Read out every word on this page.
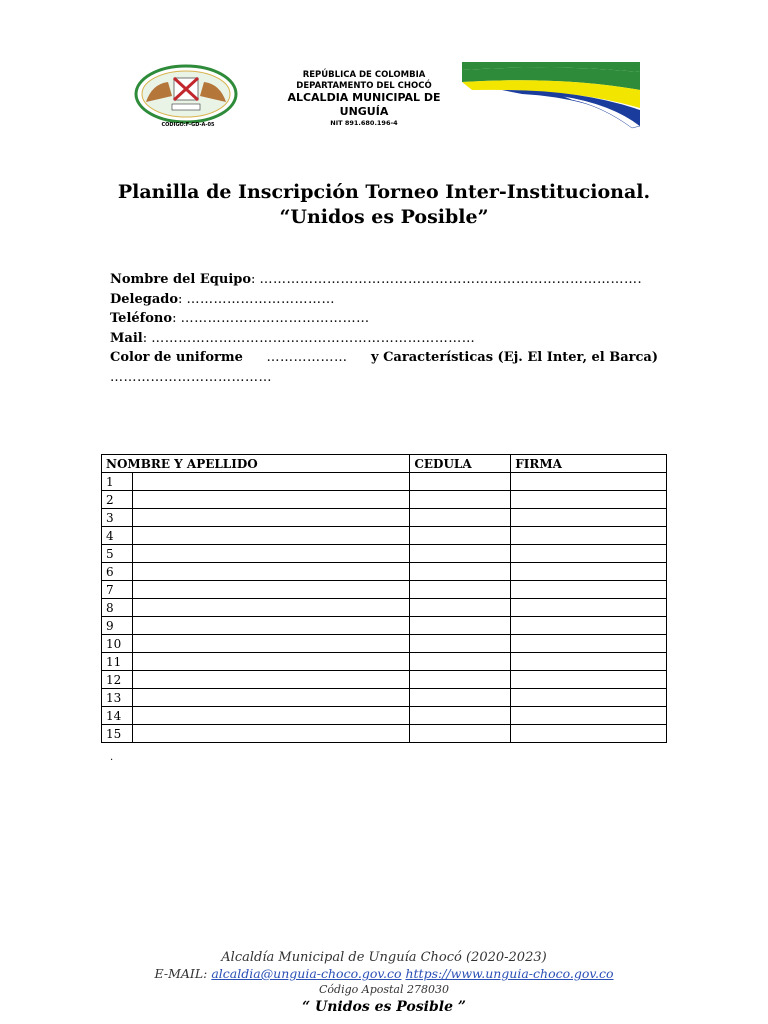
CODIGO:F-GD-A-05
REPÚBLICA DE COLOMBIA
DEPARTAMENTO DEL CHOCÓ
ALCALDIA MUNICIPAL DE UNGUÍA
NIT 891.680.196-4
Planilla de Inscripción Torneo Inter-Institucional.
“Unidos es Posible”
Nombre del Equipo: ………………………………………………………………………….
Delegado: ……………………………
Teléfono: ……………………………………
Mail: ………………………………………………………………
Color de uniforme ……………… y Características (Ej. El Inter, el Barca)
………………………………
NOMBRE Y APELLIDO		CEDULA	FIRMA
1			
2			
3			
4			
5			
6			
7			
8			
9			
10			
11			
12			
13			
14			
15			
.
Alcaldía Municipal de Unguía Chocó (2020-2023)
E-MAIL: alcaldia@unguia-choco.gov.co https://www.unguia-choco.gov.co
Código Apostal 278030
“ Unidos es Posible ”
